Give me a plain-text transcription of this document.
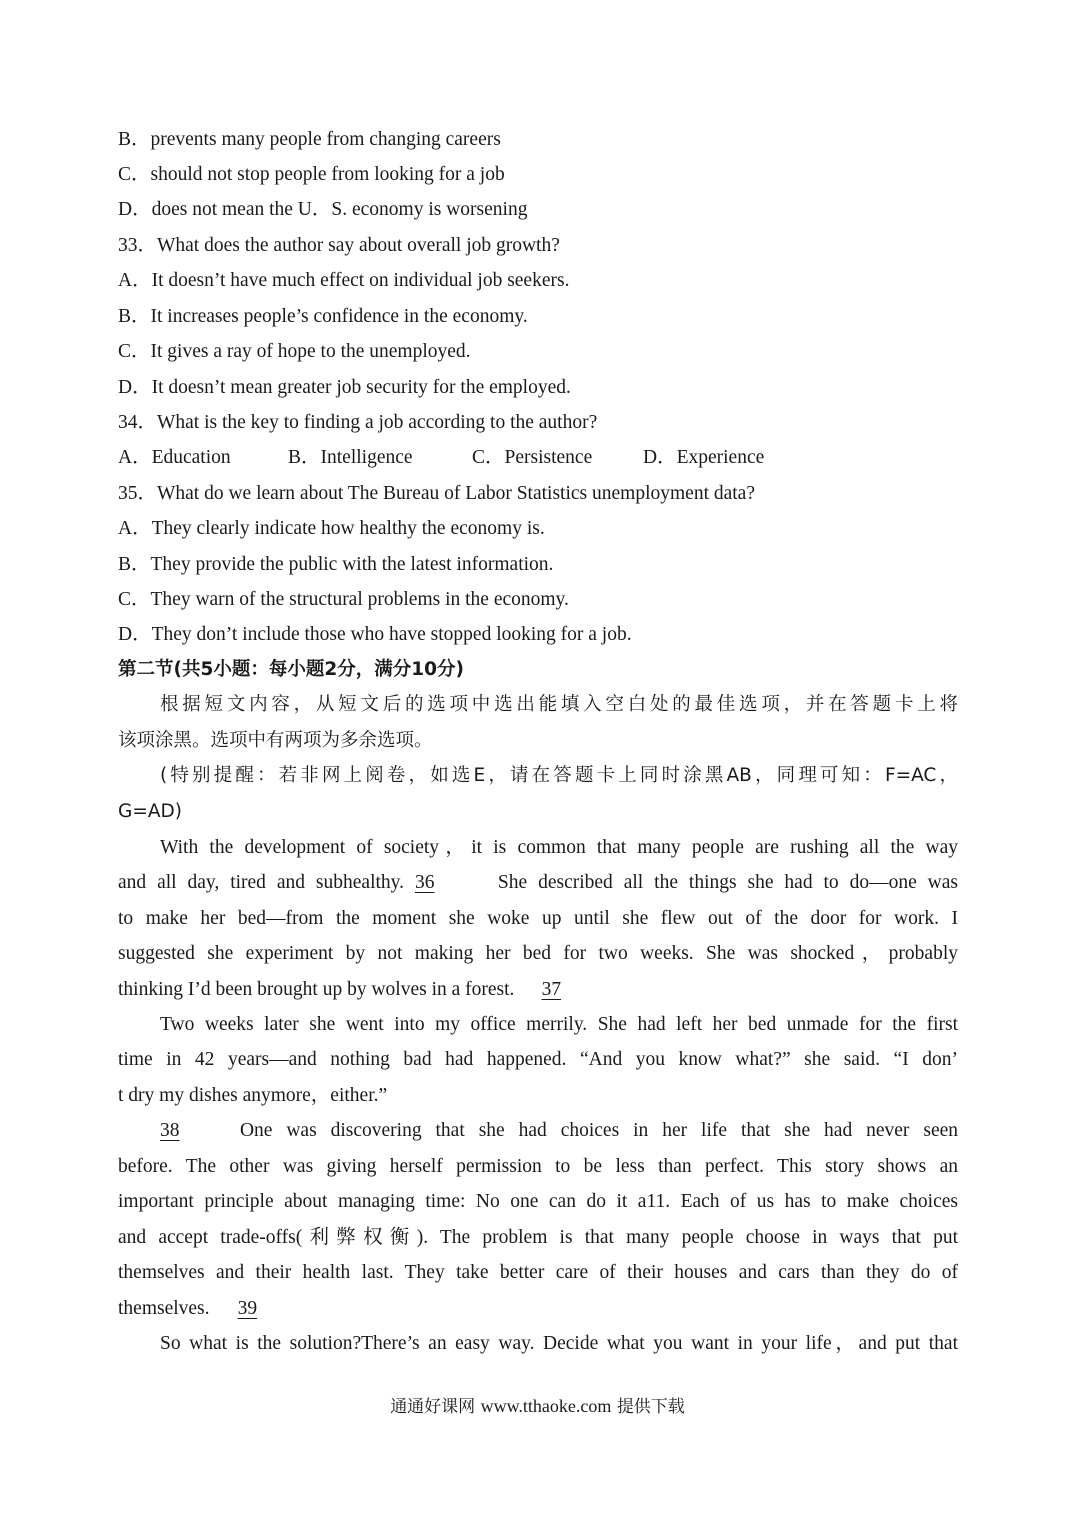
B．prevents many people from changing careers
C．should not stop people from looking for a job
D．does not mean the U．S. economy is worsening
33．What does the author say about overall job growth?
A．It doesn’t have much effect on individual job seekers.
B．It increases people’s confidence in the economy.
C．It gives a ray of hope to the unemployed.
D．It doesn’t mean greater job security for the employed.
34．What is the key to finding a job according to the author?
A．Education	B．Intelligence	C．Persistence	D．Experience
35．What do we learn about The Bureau of Labor Statistics unemployment data?
A．They clearly indicate how healthy the economy is.
B．They provide the public with the latest information.
C．They warn of the structural problems in the economy.
D．They don’t include those who have stopped looking for a job.
第二节(共5小题：每小题2分，满分10分)
根据短文内容，从短文后的选项中选出能填入空白处的最佳选项，并在答题卡上将
该项涂黑。选项中有两项为多余选项。
(特别提醒：若非网上阅卷，如选E，请在答题卡上同时涂黑AB，同理可知：F=AC，
G=AD)
With the development of society，it is common that many people are rushing all the way
and all day, tired and subhealthy. 36	She described all the things she had to do—one was
to make her bed—from the moment she woke up until she flew out of the door for work. I
suggested she experiment by not making her bed for two weeks. She was shocked，probably
thinking I’d been brought up by wolves in a forest. 37
Two weeks later she went into my office merrily. She had left her bed unmade for the first
time in 42 years—and nothing bad had happened. “And you know what?” she said. “I don’
t dry my dishes anymore，either.”
38	One was discovering that she had choices in her life that she had never seen
before. The other was giving herself permission to be less than perfect. This story shows an
important principle about managing time: No one can do it a11. Each of us has to make choices
and accept trade-offs(利弊权衡). The problem is that many people choose in ways that put
themselves and their health last. They take better care of their houses and cars than they do of
themselves. 39
So what is the solution?There’s an easy way. Decide what you want in your life，and put that
通通好课网 www.tthaoke.com 提供下载
